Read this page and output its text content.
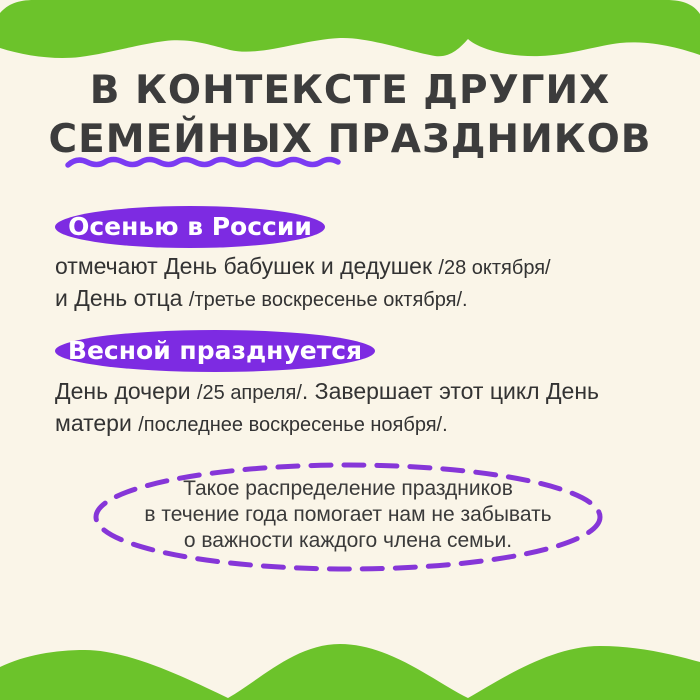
В КОНТЕКСТЕ ДРУГИХ
СЕМЕЙНЫХ ПРАЗДНИКОВ
Осенью в России

отмечают День бабушек и дедушек /28 октября/
и День отца /третье воскресенье октября/.

Весной празднуется

День дочери /25 апреля/. Завершает этот цикл День
матери /последнее воскресенье ноября/.

Такое распределение праздников
в течение года помогает нам не забывать
о важности каждого члена семьи.
